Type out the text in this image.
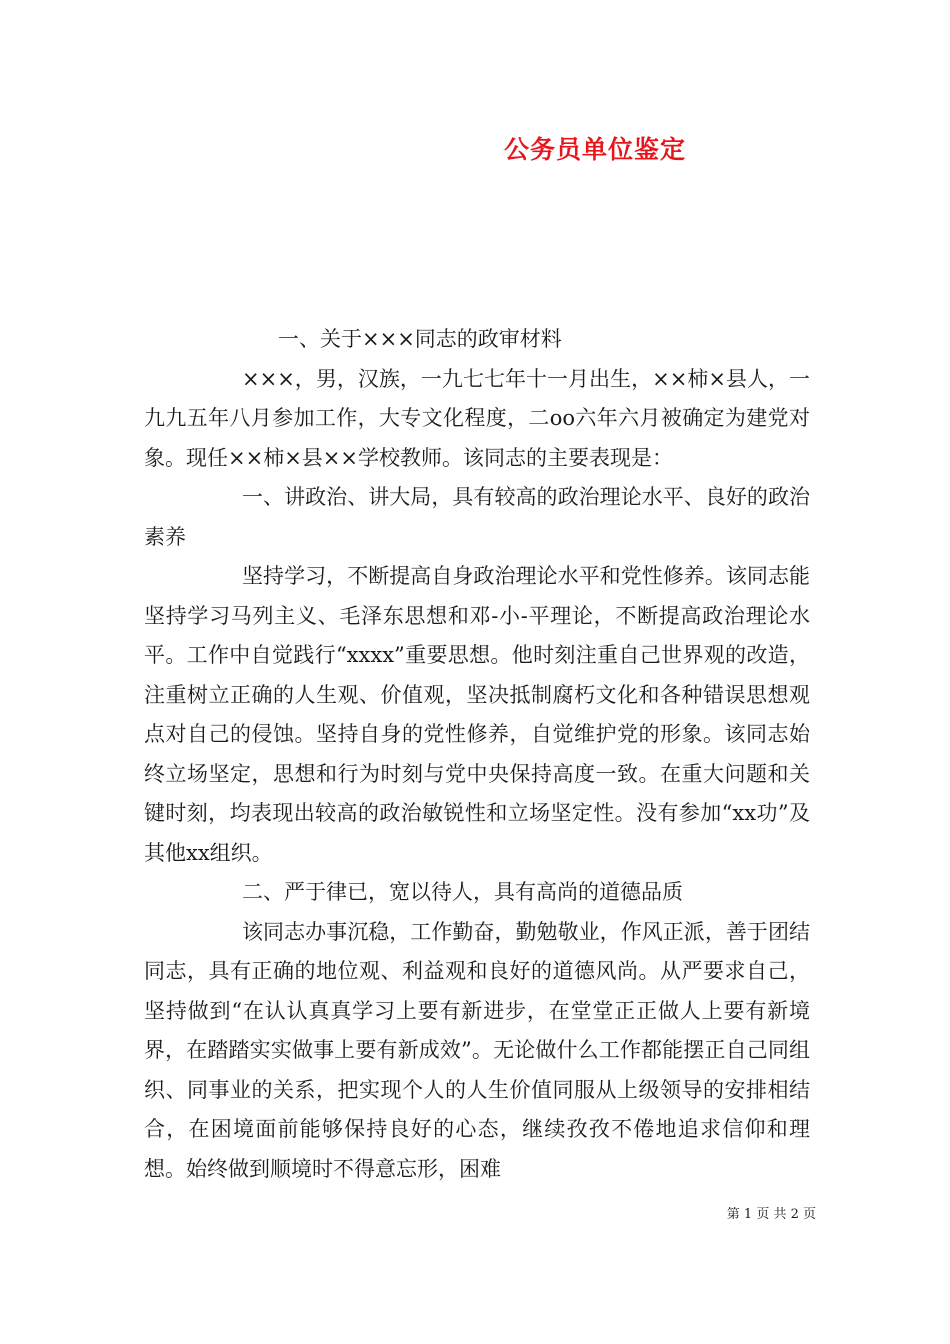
公务员单位鉴定

一、关于×××同志的政审材料

×××，男，汉族，一九七七年十一月出生，××柿×县人，一九九五年八月参加工作，大专文化程度，二oo六年六月被确定为建党对象。现任××柿×县××学校教师。该同志的主要表现是：

一、讲政治、讲大局，具有较高的政治理论水平、良好的政治素养

坚持学习，不断提高自身政治理论水平和党性修养。该同志能坚持学习马列主义、毛泽东思想和邓-小-平理论，不断提高政治理论水平。工作中自觉践行“xxxx”重要思想。他时刻注重自己世界观的改造，注重树立正确的人生观、价值观，坚决抵制腐朽文化和各种错误思想观点对自己的侵蚀。坚持自身的党性修养，自觉维护党的形象。该同志始终立场坚定，思想和行为时刻与党中央保持高度一致。在重大问题和关键时刻，均表现出较高的政治敏锐性和立场坚定性。没有参加“xx功”及其他xx组织。

二、严于律已，宽以待人，具有高尚的道德品质

该同志办事沉稳，工作勤奋，勤勉敬业，作风正派，善于团结同志，具有正确的地位观、利益观和良好的道德风尚。从严要求自己，坚持做到“在认认真真学习上要有新进步，在堂堂正正做人上要有新境界，在踏踏实实做事上要有新成效”。无论做什么工作都能摆正自己同组织、同事业的关系，把实现个人的人生价值同服从上级领导的安排相结合，在困境面前能够保持良好的心态，继续孜孜不倦地追求信仰和理想。始终做到顺境时不得意忘形，困难

第 1 页 共 2 页
